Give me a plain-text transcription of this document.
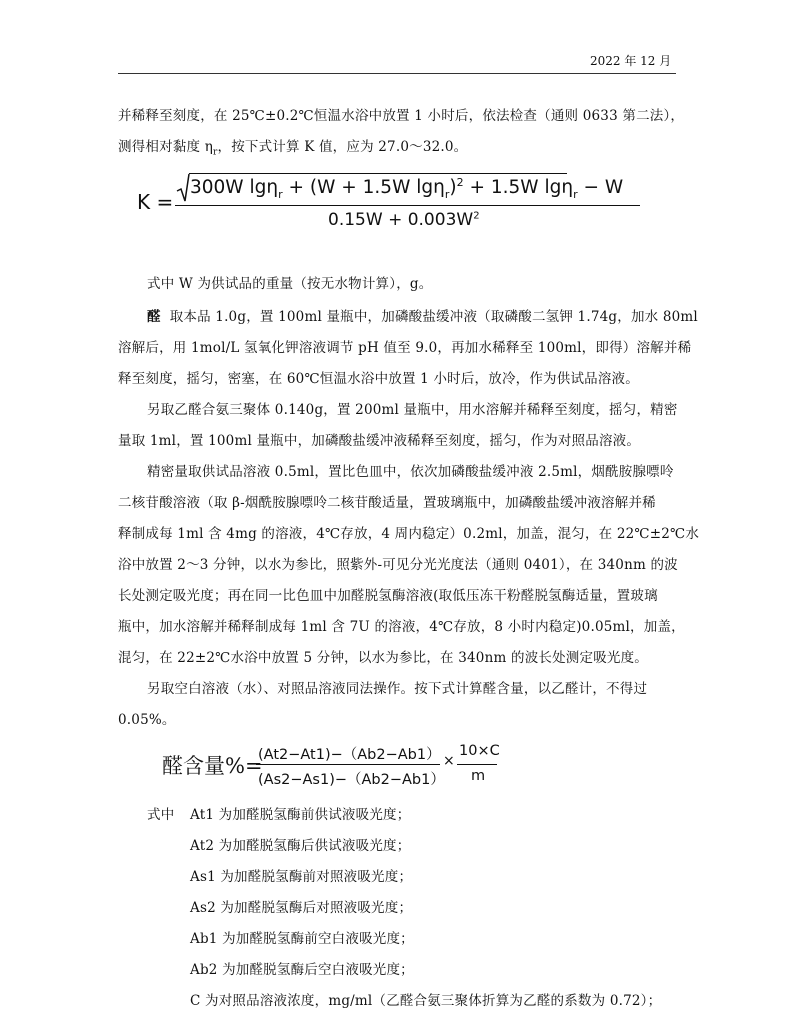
2022 年 12 月
并稀释至刻度，在 25℃±0.2℃恒温水浴中放置 1 小时后，依法检查（通则 0633 第二法），
测得相对黏度 $\eta_r$，按下式计算 K 值，应为 27.0～32.0。
K =
300W lgη$_r$ + (W + 1.5W lgη$_r$)$^2$ + 1.5W lgη$_r$ − W
$0.15W + 0.003W^2$
式中 W 为供试品的重量（按无水物计算），g。
醛 取本品 1.0g，置 100ml 量瓶中，加磷酸盐缓冲液（取磷酸二氢钾 1.74g，加水 80ml
溶解后，用 1mol/L 氢氧化钾溶液调节 pH 值至 9.0，再加水稀释至 100ml，即得）溶解并稀
释至刻度，摇匀，密塞，在 60℃恒温水浴中放置 1 小时后，放冷，作为供试品溶液。
另取乙醛合氨三聚体 0.140g，置 200ml 量瓶中，用水溶解并稀释至刻度，摇匀，精密
量取 1ml，置 100ml 量瓶中，加磷酸盐缓冲液稀释至刻度，摇匀，作为对照品溶液。
精密量取供试品溶液 0.5ml，置比色皿中，依次加磷酸盐缓冲液 2.5ml，烟酰胺腺嘌呤
二核苷酸溶液（取 β-烟酰胺腺嘌呤二核苷酸适量，置玻璃瓶中，加磷酸盐缓冲液溶解并稀
释制成每 1ml 含 4mg 的溶液，4℃存放，4 周内稳定）0.2ml，加盖，混匀，在 22℃±2℃水
浴中放置 2～3 分钟，以水为参比，照紫外-可见分光光度法（通则 0401），在 340nm 的波
长处测定吸光度；再在同一比色皿中加醛脱氢酶溶液(取低压冻干粉醛脱氢酶适量，置玻璃
瓶中，加水溶解并稀释制成每 1ml 含 7U 的溶液，4℃存放，8 小时内稳定)0.05ml，加盖，
混匀，在 22±2℃水浴中放置 5 分钟，以水为参比，在 340nm 的波长处测定吸光度。
另取空白溶液（水）、对照品溶液同法操作。按下式计算醛含量，以乙醛计，不得过
0.05%。
醛含量%=
(At2−At1)−（Ab2−Ab1）
(As2−As1)−（Ab2−Ab1）
×
10×C
m
式中 At1 为加醛脱氢酶前供试液吸光度；
At2 为加醛脱氢酶后供试液吸光度；
As1 为加醛脱氢酶前对照液吸光度；
As2 为加醛脱氢酶后对照液吸光度；
Ab1 为加醛脱氢酶前空白液吸光度；
Ab2 为加醛脱氢酶后空白液吸光度；
C 为对照品溶液浓度，mg/ml（乙醛合氨三聚体折算为乙醛的系数为 0.72）；
